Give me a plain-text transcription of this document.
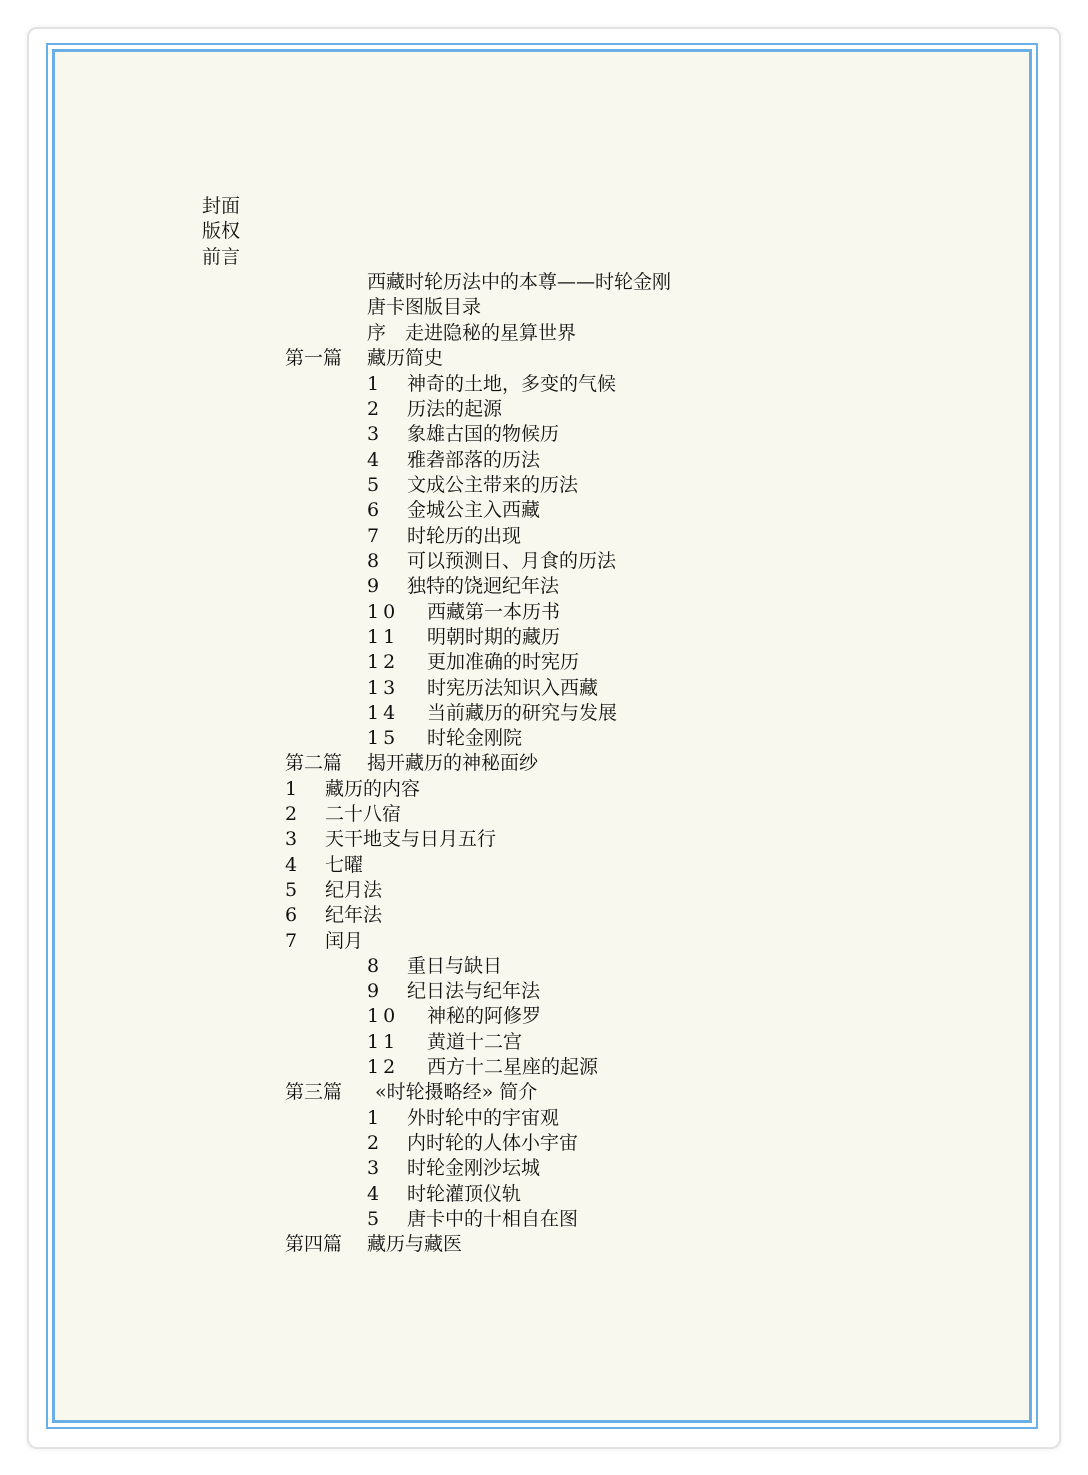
封面
版权
前言
西藏时轮历法中的本尊——时轮金刚
唐卡图版目录
序　走进隐秘的星算世界
第一篇 藏历简史
1 神奇的土地，多变的气候
2 历法的起源
3 象雄古国的物候历
4 雅砻部落的历法
5 文成公主带来的历法
6 金城公主入西藏
7 时轮历的出现
8 可以预测日、月食的历法
9 独特的饶迥纪年法
10 西藏第一本历书
11 明朝时期的藏历
12 更加准确的时宪历
13 时宪历法知识入西藏
14 当前藏历的研究与发展
15 时轮金刚院
第二篇 揭开藏历的神秘面纱
1 藏历的内容
2 二十八宿
3 天干地支与日月五行
4 七曜
5 纪月法
6 纪年法
7 闰月
8 重日与缺日
9 纪日法与纪年法
10 神秘的阿修罗
11 黄道十二宫
12 西方十二星座的起源
第三篇 «时轮摄略经» 简介
1 外时轮中的宇宙观
2 内时轮的人体小宇宙
3 时轮金刚沙坛城
4 时轮灌顶仪轨
5 唐卡中的十相自在图
第四篇 藏历与藏医
